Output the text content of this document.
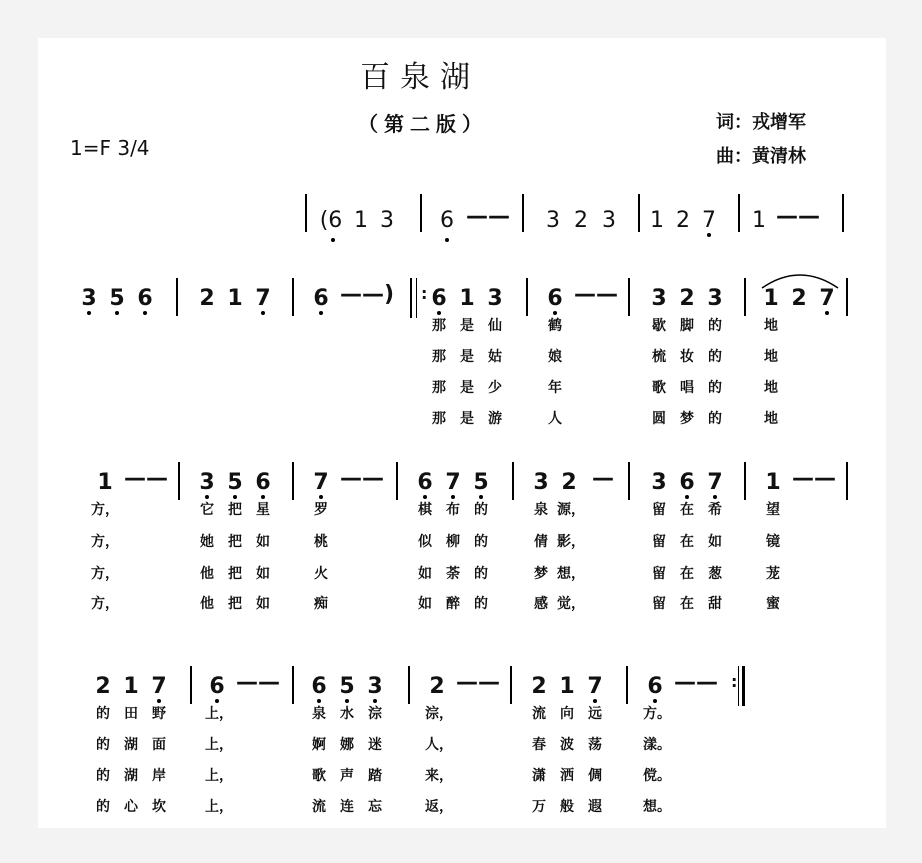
百泉湖
（第二版）	词：戎增军
曲：黄清林
1=F 3/4
(6 1 3 6 —— 3 2 3 1 2 7 1 ——
3 5 6 2 1 7 6 ——) : 6 1 3 6 —— 3 2 3 1 2 7
那	是	仙	鹤	歇	脚	的	地
那	是	姑	娘	梳	妆	的	地
那	是	少	年	歌	唱	的	地
那	是	游	人	圆	梦	的	地
1 —— 3 5 6 7 —— 6 7 5 3 2 — 3 6 7 1 ——
方，	它	把	星	罗	棋	布	的	泉 源，	留	在	希	望
方，	她	把	如	桃	似	柳	的	倩 影，	留	在	如	镜
方，	他	把	如	火	如	荼	的	梦 想，	留	在	葱	茏
方，	他	把	如	痴	如	醉	的	感 觉，	留	在	甜	蜜
2 1 7 6 —— 6 5 3 2 —— 2 1 7 6 —— :
的	田	野	上，	泉	水	淙	淙，	流	向	远	方。
的	湖	面	上，	婀	娜	迷	人，	春	波	荡	漾。
的	湖	岸	上，	歌	声	踏	来，	潇	洒	倜	傥。
的	心	坎	上，	流	连	忘	返，	万	般	遐	想。
